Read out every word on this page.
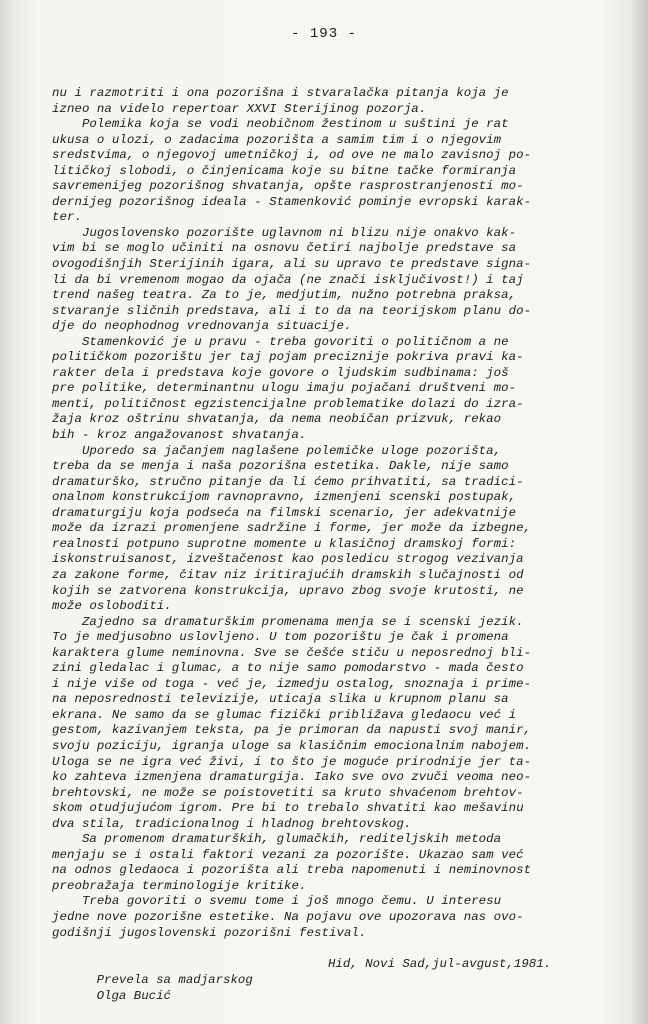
- 193 -
nu i razmotriti i ona pozorišna i stvaralačka pitanja koja je
izneo na videlo repertoar XXVI Sterijinog pozorja.
Polemika koja se vodi neobičnom žestinom u suštini je rat
ukusa o ulozi, o zadacima pozorišta a samim tim i o njegovim
sredstvima, o njegovoj umetničkoj i, od ove ne malo zavisnoj po-
litičkoj slobodi, o činjenicama koje su bitne tačke formiranja
savremenijeg pozorišnog shvatanja, opšte rasprostranjenosti mo-
dernijeg pozorišnog ideala - Stamenković pominje evropski karak-
ter.
Jugoslovensko pozorište uglavnom ni blizu nije onakvo kak-
vim bi se moglo učiniti na osnovu četiri najbolje predstave sa
ovogodišnjih Sterijinih igara, ali su upravo te predstave signa-
li da bi vremenom mogao da ojača (ne znači isključivost!) i taj
trend našeg teatra. Za to je, medjutim, nužno potrebna praksa,
stvaranje sličnih predstava, ali i to da na teorijskom planu do-
dje do neophodnog vrednovanja situacije.
Stamenković je u pravu - treba govoriti o političnom a ne
političkom pozorištu jer taj pojam preciznije pokriva pravi ka-
rakter dela i predstava koje govore o ljudskim sudbinama: još
pre politike, determinantnu ulogu imaju pojačani društveni mo-
menti, političnost egzistencijalne problematike dolazi do izra-
žaja kroz oštrinu shvatanja, da nema neobičan prizvuk, rekao
bih - kroz angažovanost shvatanja.
Uporedo sa jačanjem naglašene polemičke uloge pozorišta,
treba da se menja i naša pozorišna estetika. Dakle, nije samo
dramaturško, stručno pitanje da li ćemo prihvatiti, sa tradici-
onalnom konstrukcijom ravnopravno, izmenjeni scenski postupak,
dramaturgiju koja podseća na filmski scenario, jer adekvatnije
može da izrazi promenjene sadržine i forme, jer može da izbegne,
realnosti potpuno suprotne momente u klasičnoj dramskoj formi:
iskonstruisanost, izveštačenost kao posledicu strogog vezivanja
za zakone forme, čitav niz iritirajućih dramskih slučajnosti od
kojih se zatvorena konstrukcija, upravo zbog svoje krutosti, ne
može osloboditi.
Zajedno sa dramaturškim promenama menja se i scenski jezik.
To je medjusobno uslovljeno. U tom pozorištu je čak i promena
karaktera glume neminovna. Sve se češće stiču u neposrednoj bli-
zini gledalac i glumac, a to nije samo pomodarstvo - mada često
i nije više od toga - već je, izmedju ostalog, snoznaja i prime-
na neposrednosti televizije, uticaja slika u krupnom planu sa
ekrana. Ne samo da se glumac fizički približava gledaocu već i
gestom, kazivanjem teksta, pa je primoran da napusti svoj manir,
svoju poziciju, igranja uloge sa klasičnim emocionalnim nabojem.
Uloga se ne igra već živi, i to što je moguće prirodnije jer ta-
ko zahteva izmenjena dramaturgija. Iako sve ovo zvuči veoma neo-
brehtovski, ne može se poistovetiti sa kruto shvaćenom brehtov-
skom otudjujućom igrom. Pre bi to trebalo shvatiti kao mešavinu
dva stila, tradicionalnog i hladnog brehtovskog.
Sa promenom dramaturških, glumačkih, rediteljskih metoda
menjaju se i ostali faktori vezani za pozorište. Ukazao sam već
na odnos gledaoca i pozorišta ali treba napomenuti i neminovnost
preobražaja terminologije kritike.
Treba govoriti o svemu tome i još mnogo čemu. U interesu
jedne nove pozorišne estetike. Na pojavu ove upozorava nas ovo-
godišnji jugoslovenski pozorišni festival.

Prevela sa madjarskog

Hid, Novi Sad,jul-avgust,1981.

Olga Bucić
